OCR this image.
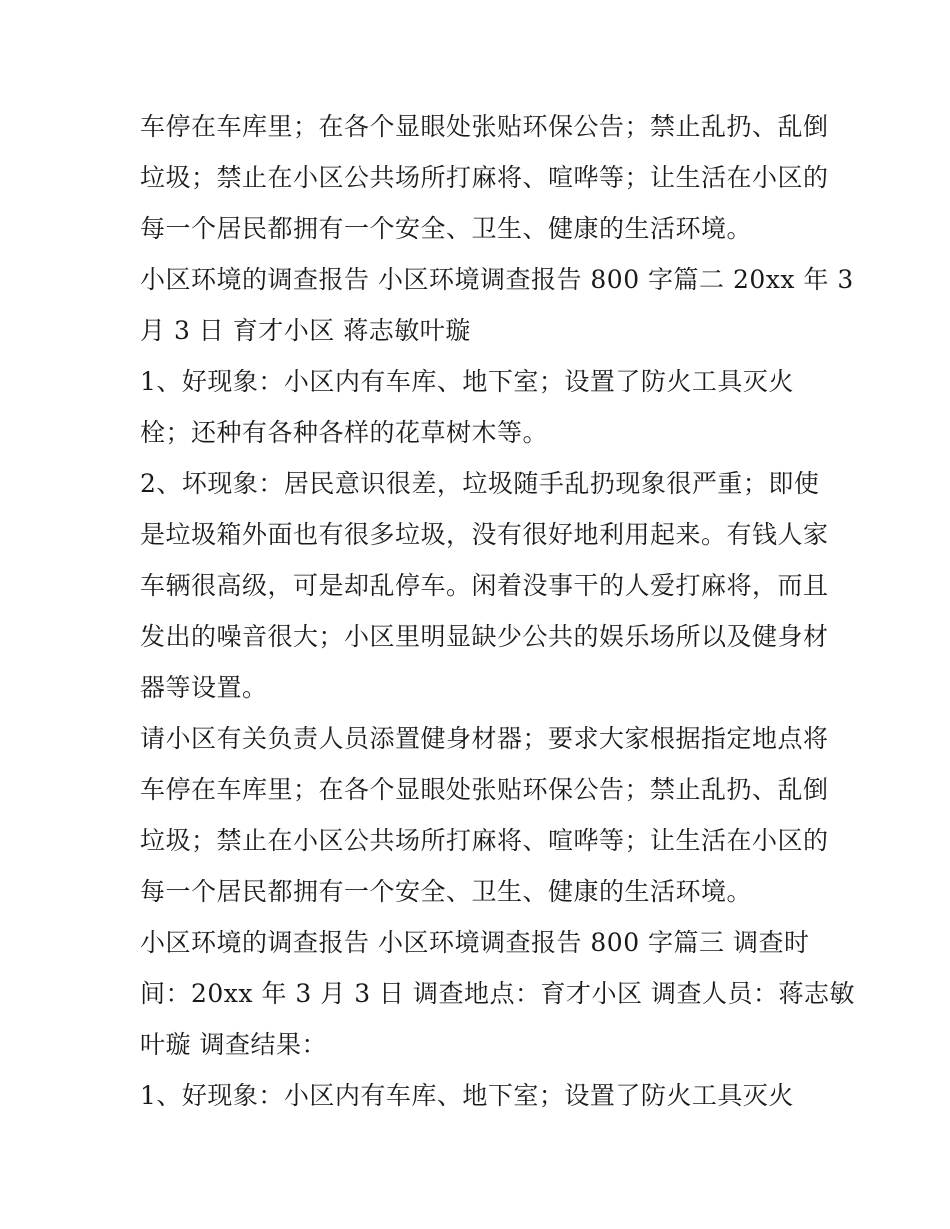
车停在车库里；在各个显眼处张贴环保公告；禁止乱扔、乱倒
垃圾；禁止在小区公共场所打麻将、喧哗等；让生活在小区的
每一个居民都拥有一个安全、卫生、健康的生活环境。
小区环境的调查报告 小区环境调查报告 800 字篇二 20xx 年 3
月 3 日 育才小区 蒋志敏叶璇
1、好现象：小区内有车库、地下室；设置了防火工具灭火
栓；还种有各种各样的花草树木等。
2、坏现象：居民意识很差，垃圾随手乱扔现象很严重；即使
是垃圾箱外面也有很多垃圾，没有很好地利用起来。有钱人家
车辆很高级，可是却乱停车。闲着没事干的人爱打麻将，而且
发出的噪音很大；小区里明显缺少公共的娱乐场所以及健身材
器等设置。
请小区有关负责人员添置健身材器；要求大家根据指定地点将
车停在车库里；在各个显眼处张贴环保公告；禁止乱扔、乱倒
垃圾；禁止在小区公共场所打麻将、喧哗等；让生活在小区的
每一个居民都拥有一个安全、卫生、健康的生活环境。
小区环境的调查报告 小区环境调查报告 800 字篇三 调查时
间：20xx 年 3 月 3 日 调查地点：育才小区 调查人员：蒋志敏
叶璇 调查结果：
1、好现象：小区内有车库、地下室；设置了防火工具灭火
